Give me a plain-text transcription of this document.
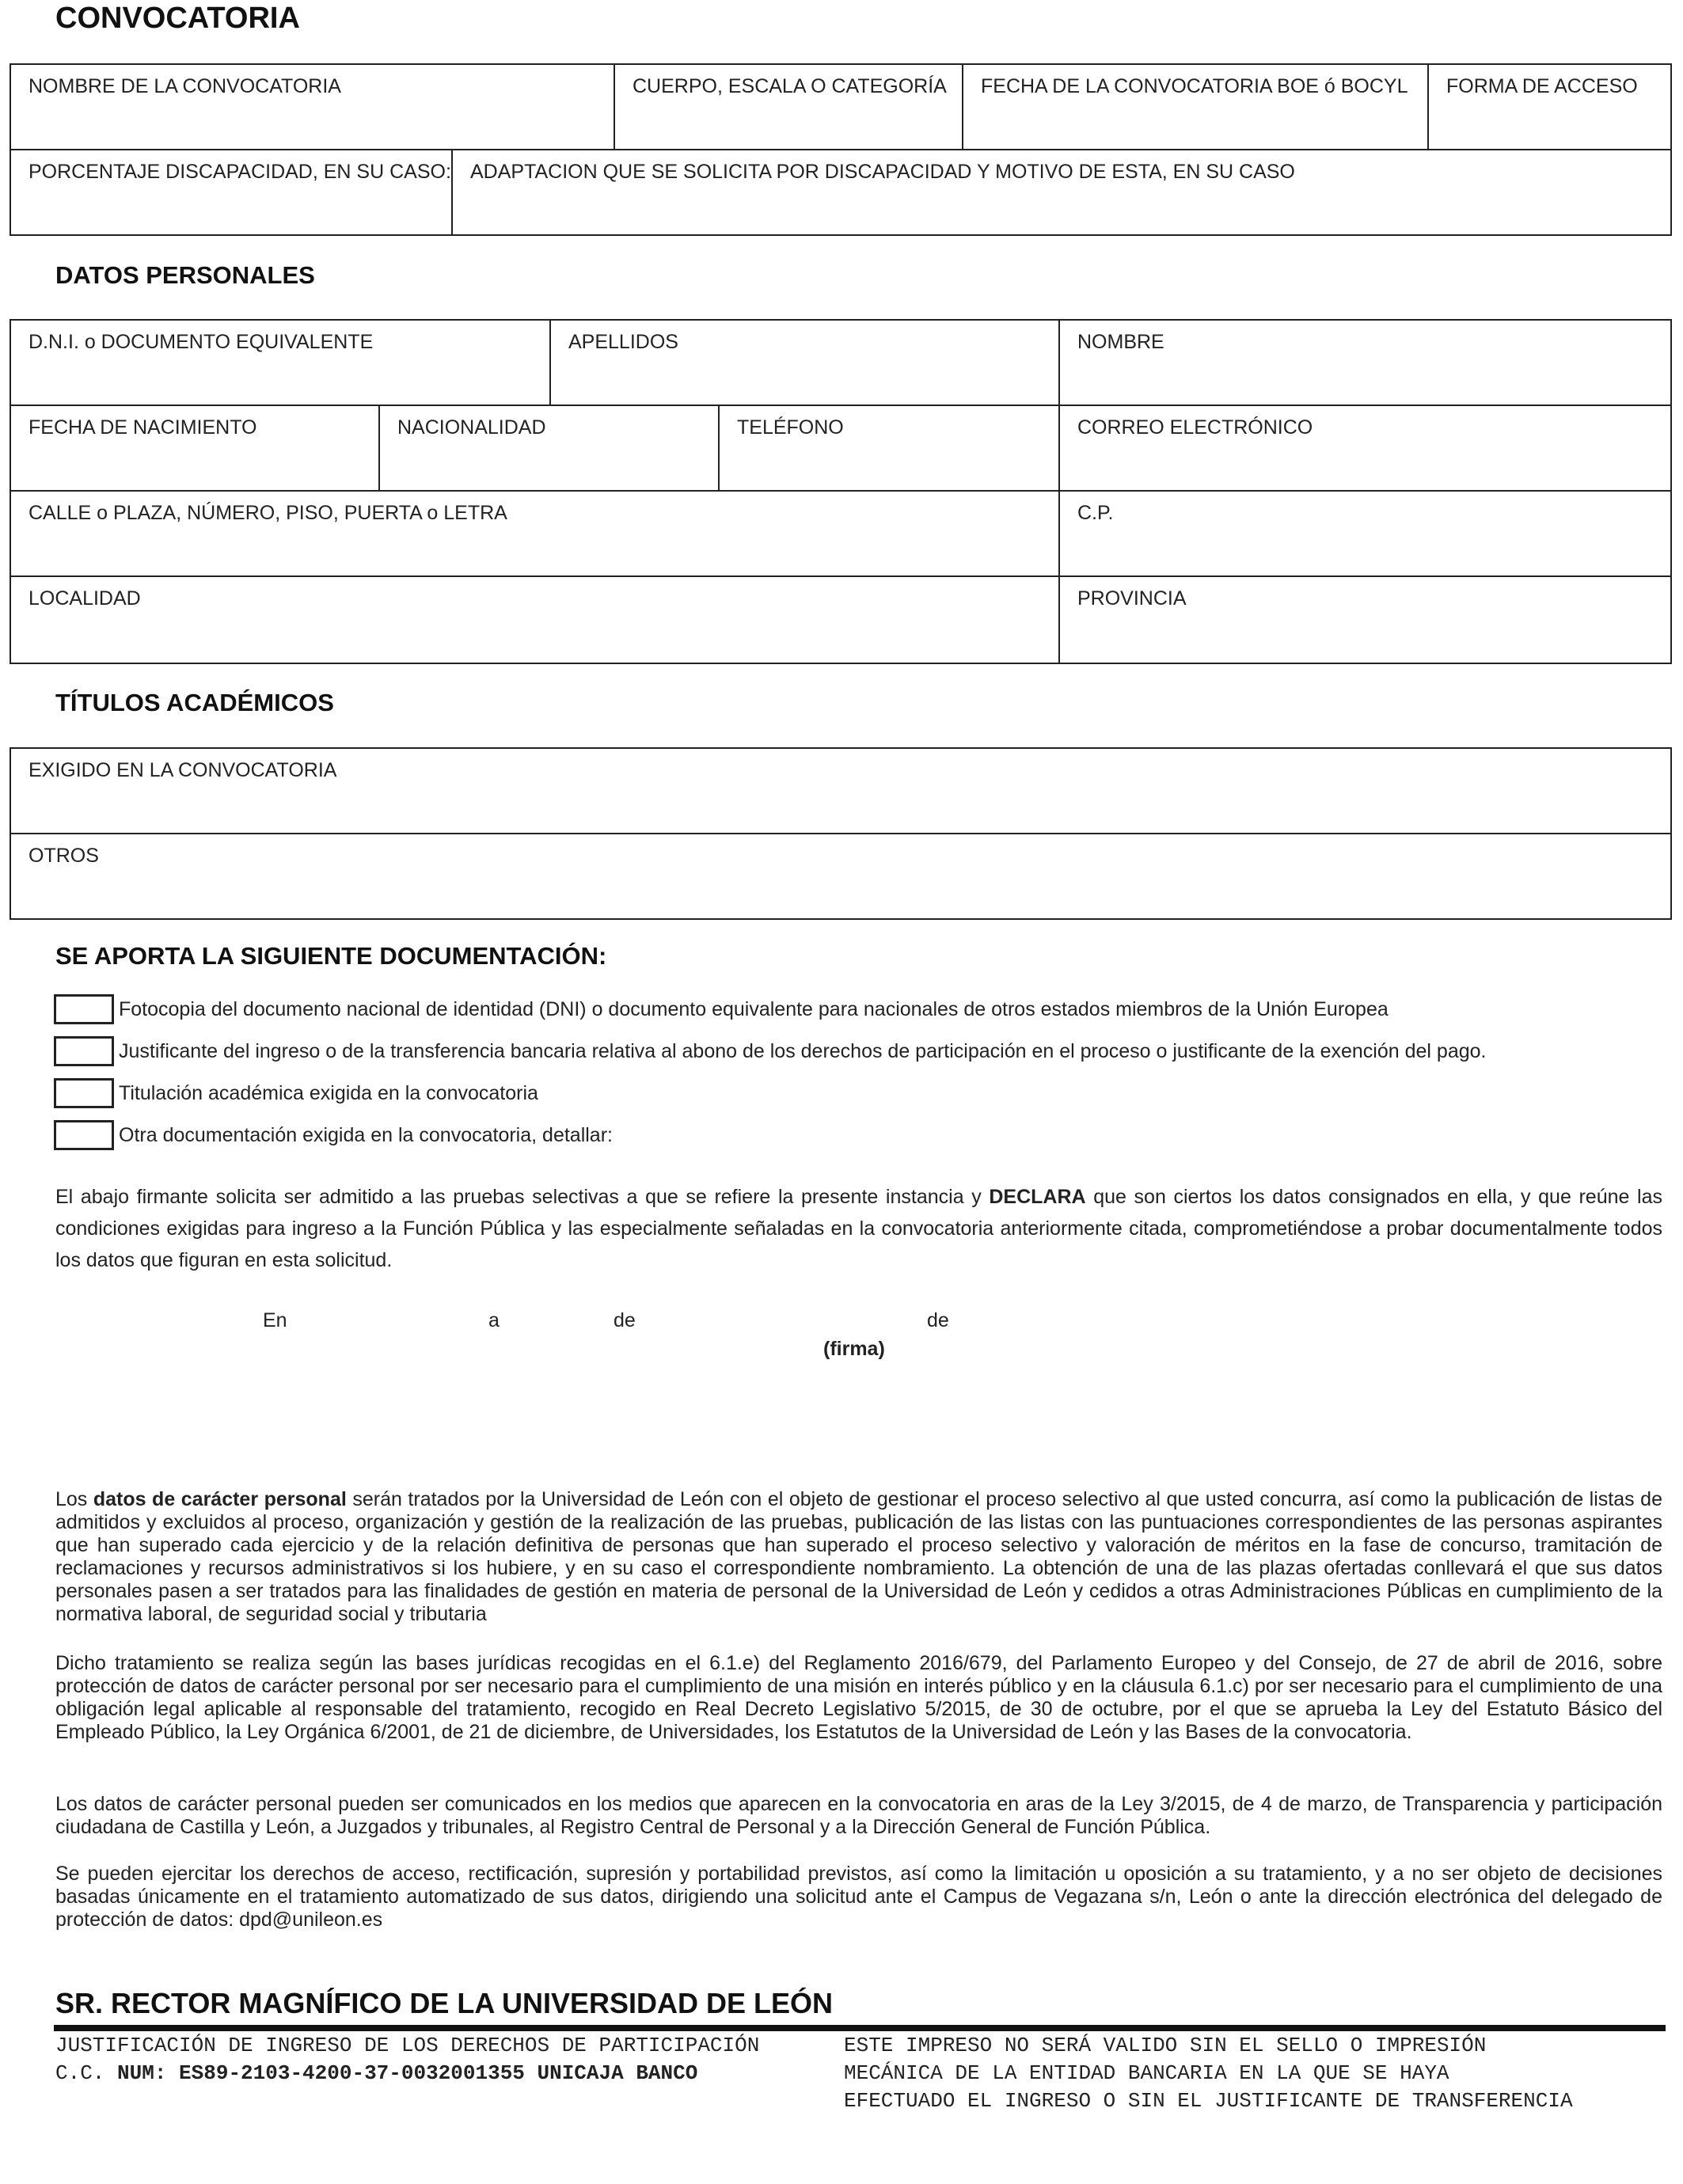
CONVOCATORIA
NOMBRE DE LA CONVOCATORIA	CUERPO, ESCALA O CATEGORÍA	FECHA DE LA CONVOCATORIA BOE ó BOCYL	FORMA DE ACCESO
PORCENTAJE DISCAPACIDAD, EN SU CASO: ADAPTACION QUE SE SOLICITA POR DISCAPACIDAD Y MOTIVO DE ESTA, EN SU CASO
DATOS PERSONALES
D.N.I. o DOCUMENTO EQUIVALENTE	APELLIDOS	NOMBRE
FECHA DE NACIMIENTO	NACIONALIDAD	TELÉFONO	CORREO ELECTRÓNICO
CALLE o PLAZA, NÚMERO, PISO, PUERTA o LETRA	C.P.
LOCALIDAD	PROVINCIA
TÍTULOS ACADÉMICOS
EXIGIDO EN LA CONVOCATORIA
OTROS
SE APORTA LA SIGUIENTE DOCUMENTACIÓN:
Fotocopia del documento nacional de identidad (DNI) o documento equivalente para nacionales de otros estados miembros de la Unión Europea
Justificante del ingreso o de la transferencia bancaria relativa al abono de los derechos de participación en el proceso o justificante de la exención del pago.
Titulación académica exigida en la convocatoria
Otra documentación exigida en la convocatoria, detallar:
El abajo firmante solicita ser admitido a las pruebas selectivas a que se refiere la presente instancia y DECLARA que son ciertos los datos consignados en ella, y que reúne las condiciones exigidas para ingreso a la Función Pública y las especialmente señaladas en la convocatoria anteriormente citada, comprometiéndose a probar documentalmente todos los datos que figuran en esta solicitud.
En	a	de	de
(firma)
Los datos de carácter personal serán tratados por la Universidad de León con el objeto de gestionar el proceso selectivo al que usted concurra, así como la publicación de listas de admitidos y excluidos al proceso, organización y gestión de la realización de las pruebas, publicación de las listas con las puntuaciones correspondientes de las personas aspirantes que han superado cada ejercicio y de la relación definitiva de personas que han superado el proceso selectivo y valoración de méritos en la fase de concurso, tramitación de reclamaciones y recursos administrativos si los hubiere, y en su caso el correspondiente nombramiento. La obtención de una de las plazas ofertadas conllevará el que sus datos personales pasen a ser tratados para las finalidades de gestión en materia de personal de la Universidad de León y cedidos a otras Administraciones Públicas en cumplimiento de la normativa laboral, de seguridad social y tributaria
Dicho tratamiento se realiza según las bases jurídicas recogidas en el 6.1.e) del Reglamento 2016/679, del Parlamento Europeo y del Consejo, de 27 de abril de 2016, sobre protección de datos de carácter personal por ser necesario para el cumplimiento de una misión en interés público y en la cláusula 6.1.c) por ser necesario para el cumplimiento de una obligación legal aplicable al responsable del tratamiento, recogido en Real Decreto Legislativo 5/2015, de 30 de octubre, por el que se aprueba la Ley del Estatuto Básico del Empleado Público, la Ley Orgánica 6/2001, de 21 de diciembre, de Universidades, los Estatutos de la Universidad de León y las Bases de la convocatoria.
Los datos de carácter personal pueden ser comunicados en los medios que aparecen en la convocatoria en aras de la Ley 3/2015, de 4 de marzo, de Transparencia y participación ciudadana de Castilla y León, a Juzgados y tribunales, al Registro Central de Personal y a la Dirección General de Función Pública.
Se pueden ejercitar los derechos de acceso, rectificación, supresión y portabilidad previstos, así como la limitación u oposición a su tratamiento, y a no ser objeto de decisiones basadas únicamente en el tratamiento automatizado de sus datos, dirigiendo una solicitud ante el Campus de Vegazana s/n, León o ante la dirección electrónica del delegado de protección de datos: dpd@unileon.es
SR. RECTOR MAGNÍFICO DE LA UNIVERSIDAD DE LEÓN
JUSTIFICACIÓN DE INGRESO DE LOS DERECHOS DE PARTICIPACIÓN
C.C. NUM: ES89-2103-4200-37-0032001355 UNICAJA BANCO
ESTE IMPRESO NO SERÁ VALIDO SIN EL SELLO O IMPRESIÓN
MECÁNICA DE LA ENTIDAD BANCARIA EN LA QUE SE HAYA
EFECTUADO EL INGRESO O SIN EL JUSTIFICANTE DE TRANSFERENCIA
